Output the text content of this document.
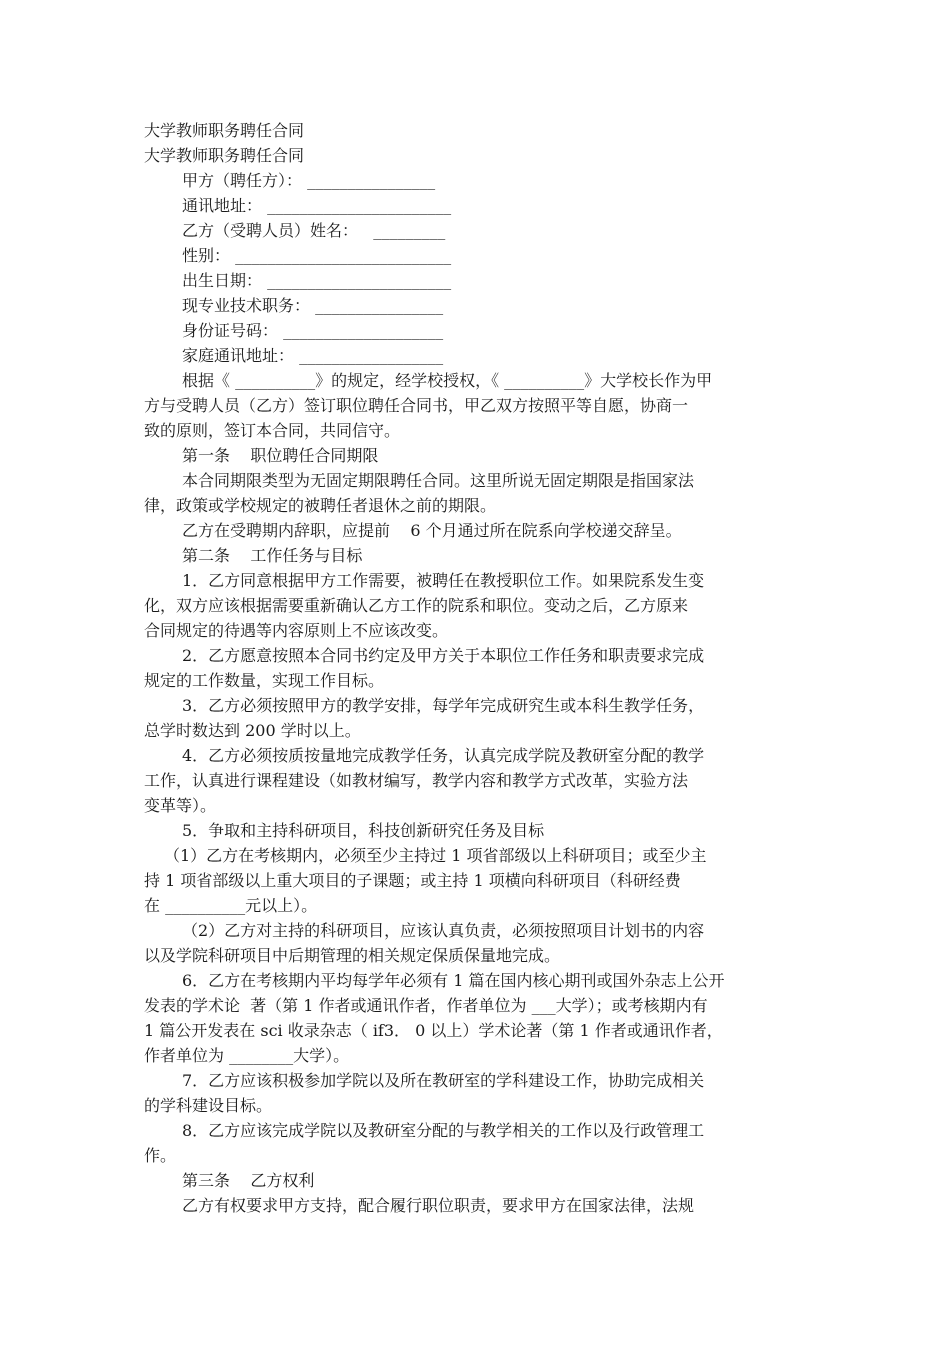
大学教师职务聘任合同
大学教师职务聘任合同
甲方（聘任方）： ________________
通讯地址： _______________________
乙方（受聘人员）姓名：   _________
性别： ___________________________
出生日期： _______________________
现专业技术职务： ________________
身份证号码： ____________________
家庭通讯地址： __________________
根据《 __________》的规定，经学校授权，《 __________》大学校长作为甲
方与受聘人员（乙方）签订职位聘任合同书，甲乙双方按照平等自愿，协商一
致的原则，签订本合同，共同信守。
第一条    职位聘任合同期限
本合同期限类型为无固定期限聘任合同。这里所说无固定期限是指国家法
律，政策或学校规定的被聘任者退休之前的期限。
乙方在受聘期内辞职，应提前    6 个月通过所在院系向学校递交辞呈。
第二条    工作任务与目标
1．乙方同意根据甲方工作需要，被聘任在教授职位工作。如果院系发生变
化，双方应该根据需要重新确认乙方工作的院系和职位。变动之后，乙方原来
合同规定的待遇等内容原则上不应该改变。
2．乙方愿意按照本合同书约定及甲方关于本职位工作任务和职责要求完成
规定的工作数量，实现工作目标。
3．乙方必须按照甲方的教学安排，每学年完成研究生或本科生教学任务，
总学时数达到 200 学时以上。
4．乙方必须按质按量地完成教学任务，认真完成学院及教研室分配的教学
工作，认真进行课程建设（如教材编写，教学内容和教学方式改革，实验方法
变革等）。
5．争取和主持科研项目，科技创新研究任务及目标
（1）乙方在考核期内，必须至少主持过 1 项省部级以上科研项目；或至少主
持 1 项省部级以上重大项目的子课题；或主持 1 项横向科研项目（科研经费
在 __________元以上）。
（2）乙方对主持的科研项目，应该认真负责，必须按照项目计划书的内容
以及学院科研项目中后期管理的相关规定保质保量地完成。
6．乙方在考核期内平均每学年必须有 1 篇在国内核心期刊或国外杂志上公开
发表的学术论  著（第 1 作者或通讯作者，作者单位为 ___大学）；或考核期内有
1 篇公开发表在 sci 收录杂志（ if3． 0 以上）学术论著（第 1 作者或通讯作者，
作者单位为 ________大学）。
7．乙方应该积极参加学院以及所在教研室的学科建设工作，协助完成相关
的学科建设目标。
8．乙方应该完成学院以及教研室分配的与教学相关的工作以及行政管理工
作。
第三条    乙方权利
乙方有权要求甲方支持，配合履行职位职责，要求甲方在国家法律，法规
